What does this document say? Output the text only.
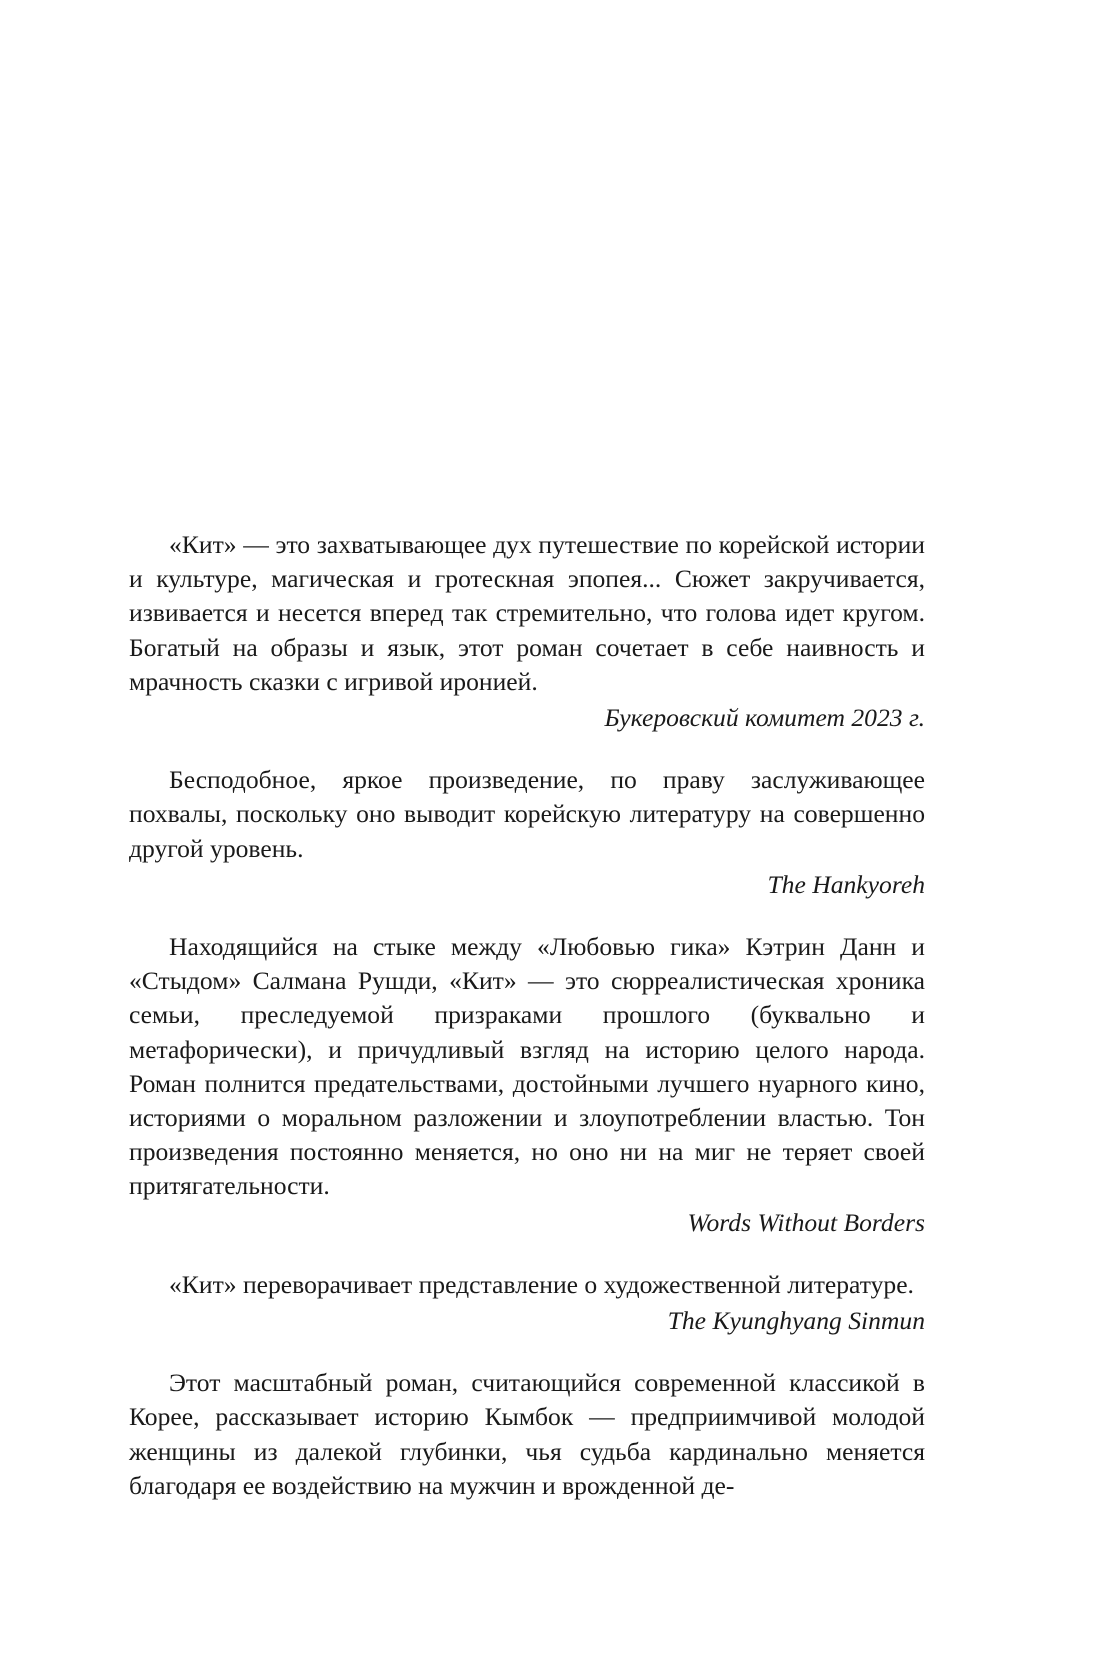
«Кит» — это захватывающее дух путешествие по корейской истории и культуре, магическая и гротескная эпопея... Сюжет закручивается, извивается и несется вперед так стремительно, что голова идет кругом. Богатый на образы и язык, этот роман сочетает в себе наивность и мрачность сказки с игривой иронией.

Букеровский комитет 2023 г.

Бесподобное, яркое произведение, по праву заслуживающее похвалы, поскольку оно выводит корейскую литературу на совершенно другой уровень.

The Hankyoreh

Находящийся на стыке между «Любовью гика» Кэтрин Данн и «Стыдом» Салмана Рушди, «Кит» — это сюрреалистическая хроника семьи, преследуемой призраками прошлого (буквально и метафорически), и причудливый взгляд на историю целого народа. Роман полнится предательствами, достойными лучшего нуарного кино, историями о моральном разложении и злоупотреблении властью. Тон произведения постоянно меняется, но оно ни на миг не теряет своей притягательности.

Words Without Borders

«Кит» переворачивает представление о художественной литературе.

The Kyunghyang Sinmun

Этот масштабный роман, считающийся современной классикой в Корее, рассказывает историю Кымбок — предприимчивой молодой женщины из далекой глубинки, чья судьба кардинально меняется благодаря ее воздействию на мужчин и врожденной де-
